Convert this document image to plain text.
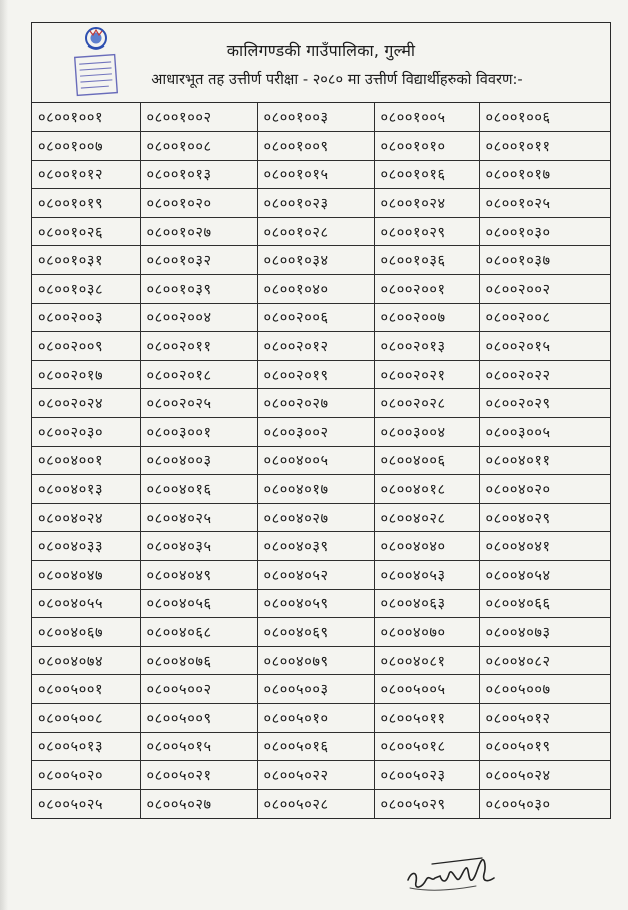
कालिगण्डकी गाउँपालिका, गुल्मी
आधारभूत तह उत्तीर्ण परीक्षा - २०८० मा उत्तीर्ण विद्यार्थीहरुको विवरण:-
०८००१००१	०८००१००२	०८००१००३	०८००१००५	०८००१००६
०८००१००७	०८००१००८	०८००१००९	०८००१०१०	०८००१०११
०८००१०१२	०८००१०१३	०८००१०१५	०८००१०१६	०८००१०१७
०८००१०१९	०८००१०२०	०८००१०२३	०८००१०२४	०८००१०२५
०८००१०२६	०८००१०२७	०८००१०२८	०८००१०२९	०८००१०३०
०८००१०३१	०८००१०३२	०८००१०३४	०८००१०३६	०८००१०३७
०८००१०३८	०८००१०३९	०८००१०४०	०८००२००१	०८००२००२
०८००२००३	०८००२००४	०८००२००६	०८००२००७	०८००२००८
०८००२००९	०८००२०११	०८००२०१२	०८००२०१३	०८००२०१५
०८००२०१७	०८००२०१८	०८००२०१९	०८००२०२१	०८००२०२२
०८००२०२४	०८००२०२५	०८००२०२७	०८००२०२८	०८००२०२९
०८००२०३०	०८००३००१	०८००३००२	०८००३००४	०८००३००५
०८००४००१	०८००४००३	०८००४००५	०८००४००६	०८००४०११
०८००४०१३	०८००४०१६	०८००४०१७	०८००४०१८	०८००४०२०
०८००४०२४	०८००४०२५	०८००४०२७	०८००४०२८	०८००४०२९
०८००४०३३	०८००४०३५	०८००४०३९	०८००४०४०	०८००४०४१
०८००४०४७	०८००४०४९	०८००४०५२	०८००४०५३	०८००४०५४
०८००४०५५	०८००४०५६	०८००४०५९	०८००४०६३	०८००४०६६
०८००४०६७	०८००४०६८	०८००४०६९	०८००४०७०	०८००४०७३
०८००४०७४	०८००४०७६	०८००४०७९	०८००४०८१	०८००४०८२
०८००५००१	०८००५००२	०८००५००३	०८००५००५	०८००५००७
०८००५००८	०८००५००९	०८००५०१०	०८००५०११	०८००५०१२
०८००५०१३	०८००५०१५	०८००५०१६	०८००५०१८	०८००५०१९
०८००५०२०	०८००५०२१	०८००५०२२	०८००५०२३	०८००५०२४
०८००५०२५	०८००५०२७	०८००५०२८	०८००५०२९	०८००५०३०
